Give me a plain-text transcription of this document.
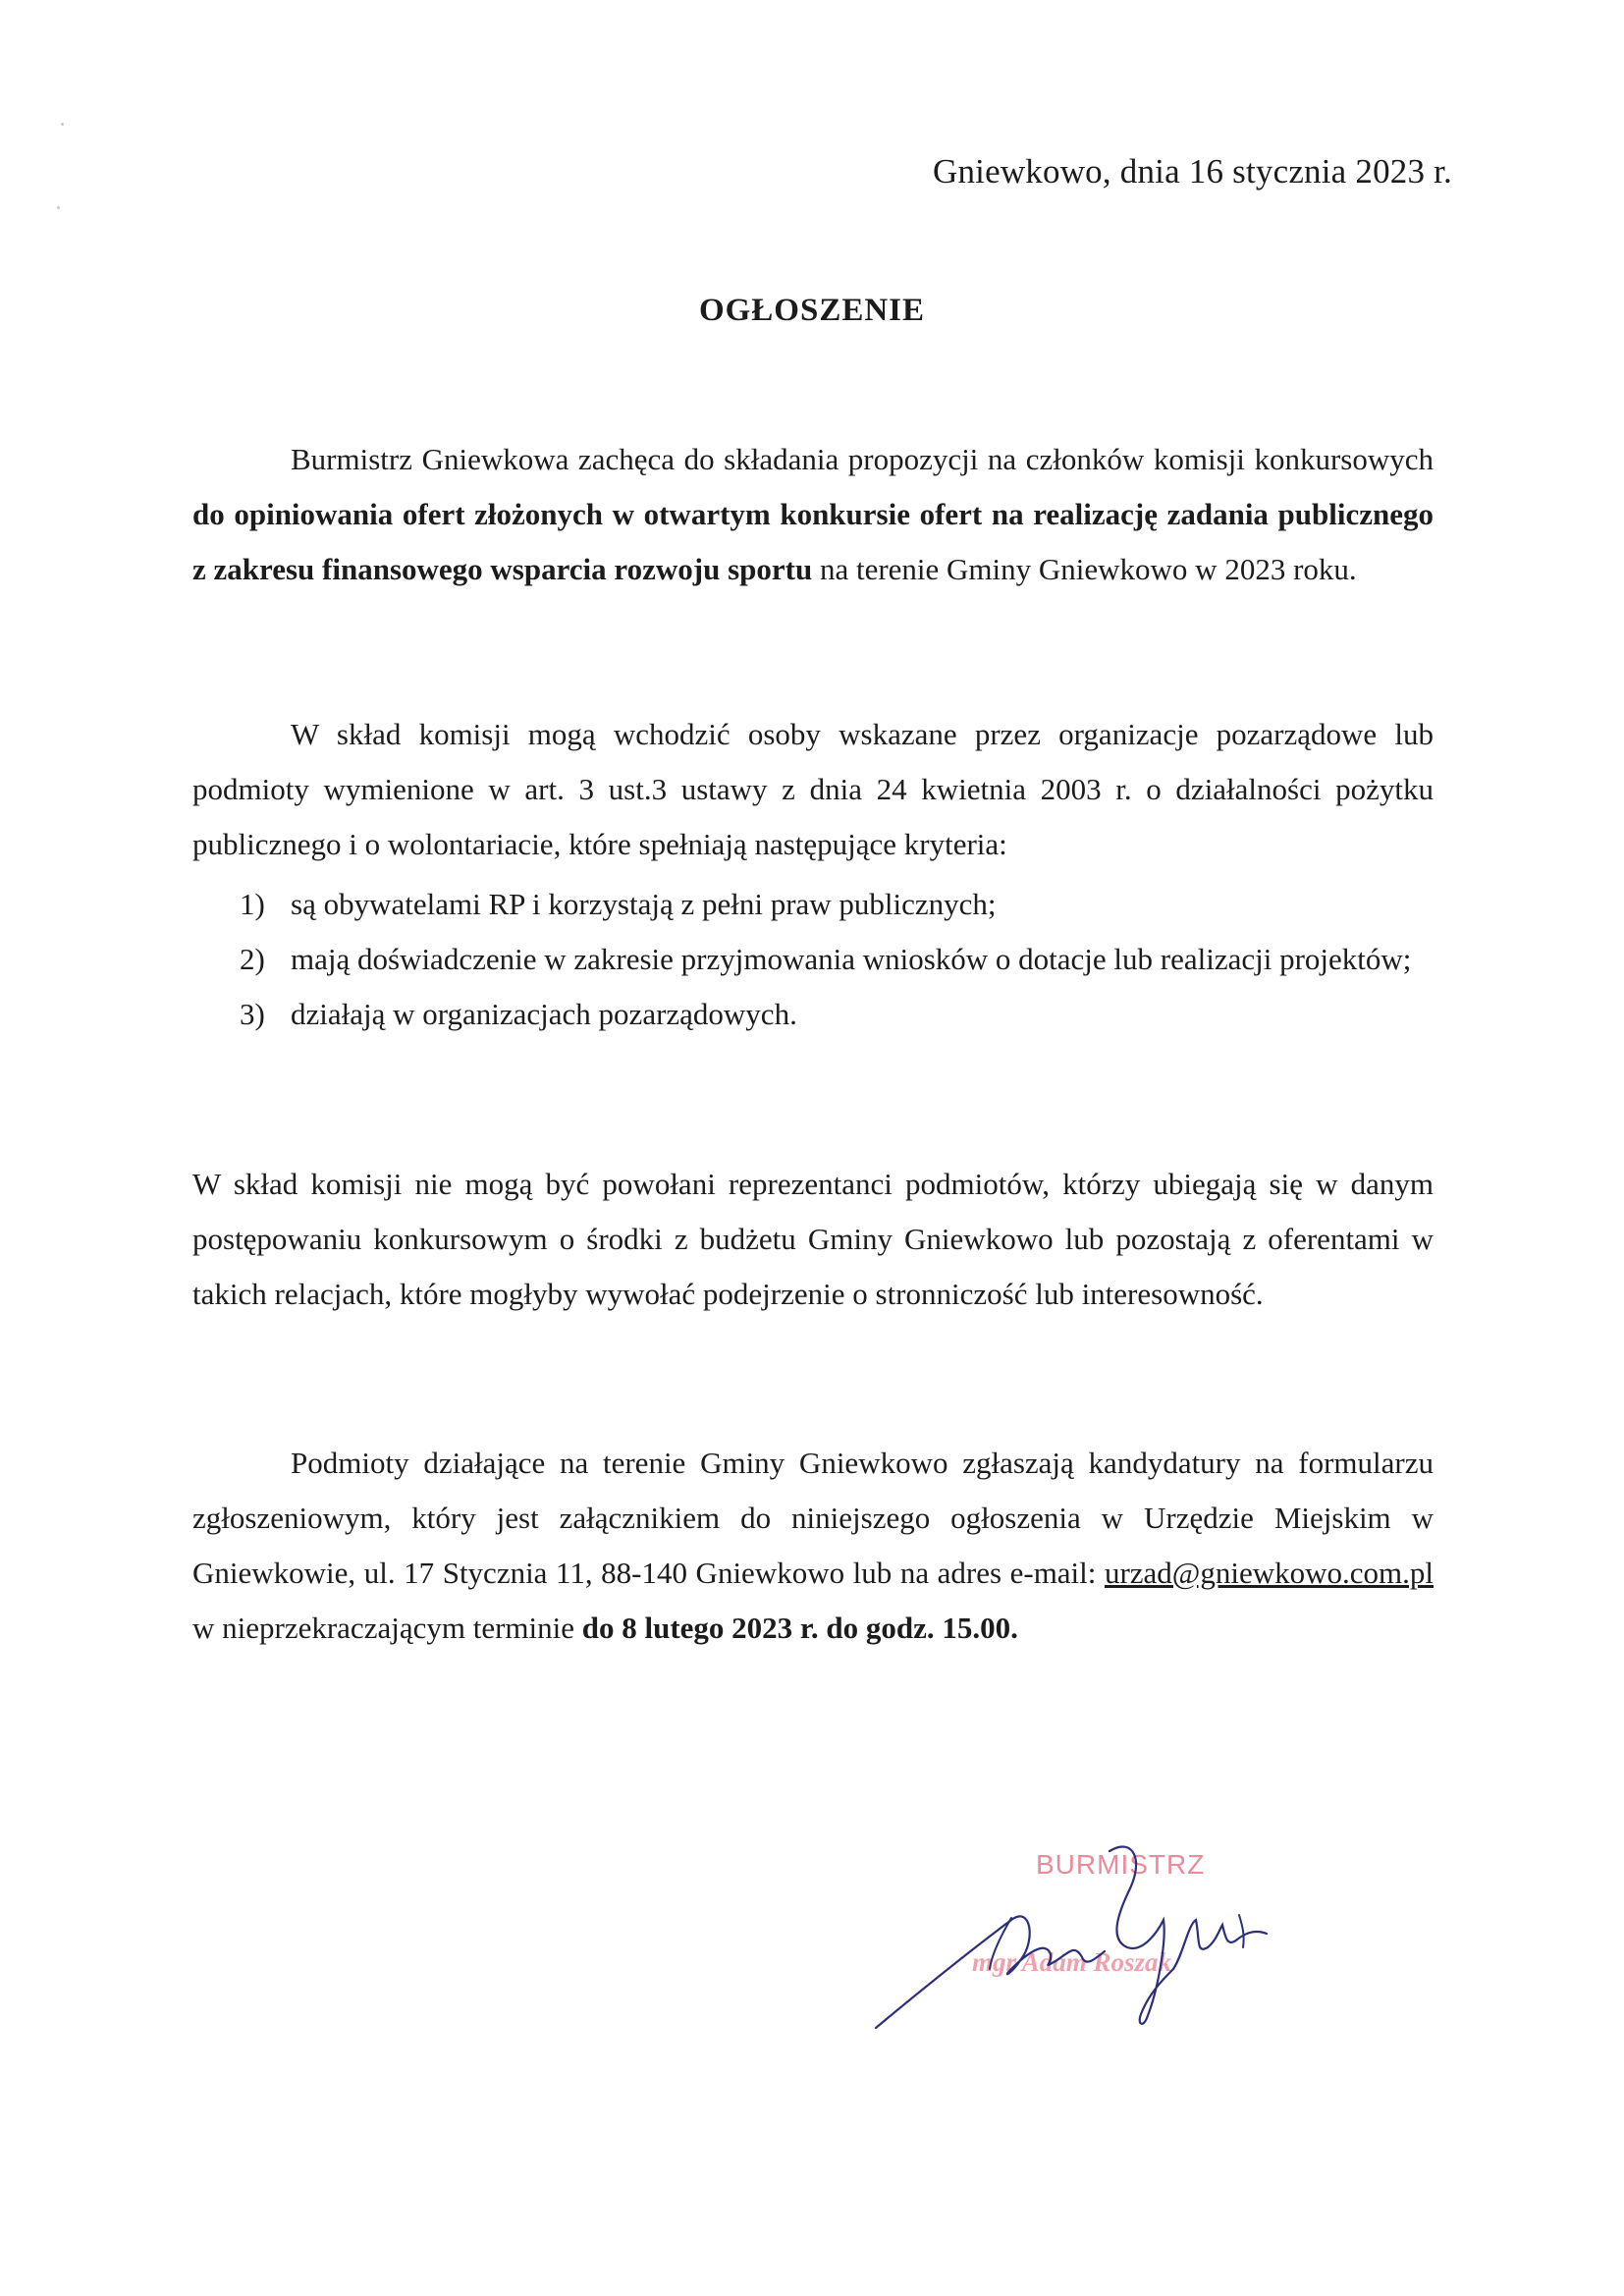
Gniewkowo, dnia 16 stycznia 2023 r.
OGŁOSZENIE

Burmistrz Gniewkowa zachęca do składania propozycji na członków komisji konkursowych do opiniowania ofert złożonych w otwartym konkursie ofert na realizację zadania publicznego z zakresu finansowego wsparcia rozwoju sportu na terenie Gminy Gniewkowo w 2023 roku.

W skład komisji mogą wchodzić osoby wskazane przez organizacje pozarządowe lub podmioty wymienione w art. 3 ust.3 ustawy z dnia 24 kwietnia 2003 r. o działalności pożytku publicznego i o wolontariacie, które spełniają następujące kryteria:

1) są obywatelami RP i korzystają z pełni praw publicznych;
2) mają doświadczenie w zakresie przyjmowania wniosków o dotacje lub realizacji projektów;
3) działają w organizacjach pozarządowych.

W skład komisji nie mogą być powołani reprezentanci podmiotów, którzy ubiegają się w danym postępowaniu konkursowym o środki z budżetu Gminy Gniewkowo lub pozostają z oferentami w takich relacjach, które mogłyby wywołać podejrzenie o stronniczość lub interesowność.

Podmioty działające na terenie Gminy Gniewkowo zgłaszają kandydatury na formularzu zgłoszeniowym, który jest załącznikiem do niniejszego ogłoszenia w Urzędzie Miejskim w Gniewkowie, ul. 17 Stycznia 11, 88-140 Gniewkowo lub na adres e-mail: urzad@gniewkowo.com.pl w nieprzekraczającym terminie do 8 lutego 2023 r. do godz. 15.00.

BURMISTRZ
mgr Adam Roszak
